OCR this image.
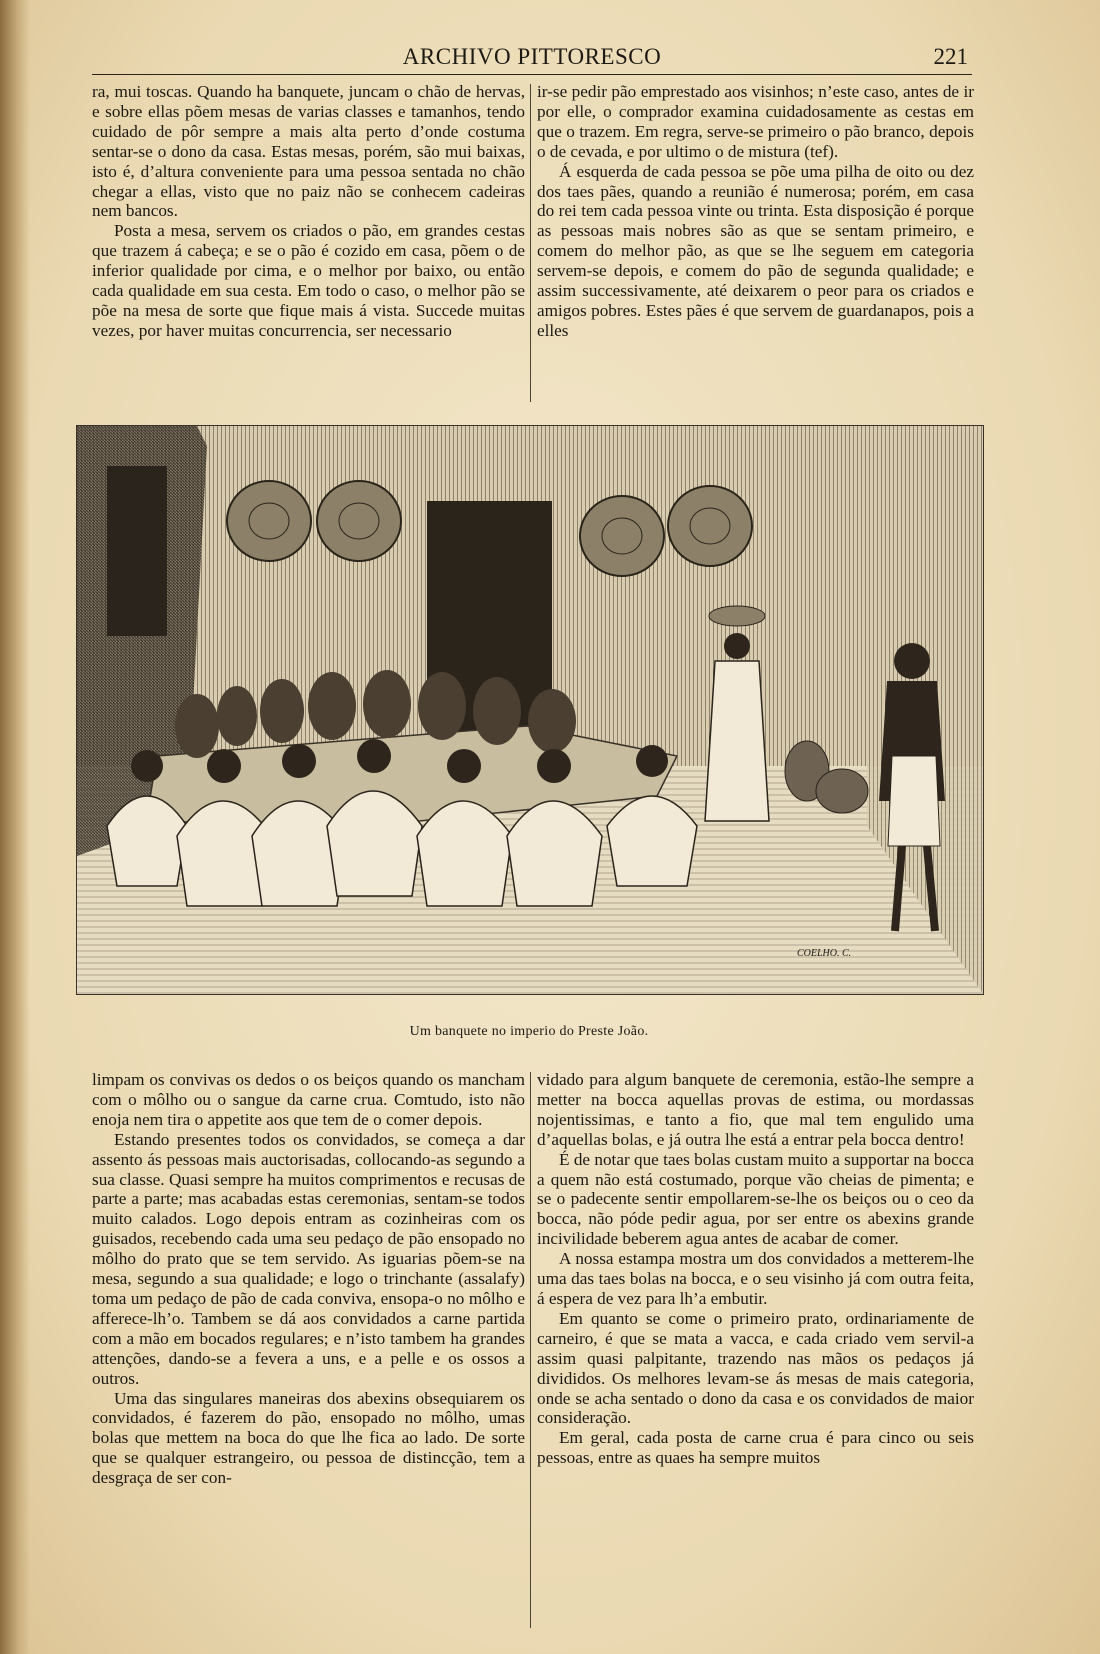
ARCHIVO PITTORESCO	221

ra, mui toscas. Quando ha banquete, juncam o chão de hervas, e sobre ellas põem mesas de varias classes e tamanhos, tendo cuidado de pôr sempre a mais alta perto d’onde costuma sentar-se o dono da casa. Estas mesas, porém, são mui baixas, isto é, d’altura conveniente para uma pessoa sentada no chão chegar a ellas, visto que no paiz não se conhecem cadeiras nem bancos.

Posta a mesa, servem os criados o pão, em grandes cestas que trazem á cabeça; e se o pão é cozido em casa, põem o de inferior qualidade por cima, e o melhor por baixo, ou então cada qualidade em sua cesta. Em todo o caso, o melhor pão se põe na mesa de sorte que fique mais á vista. Succede muitas vezes, por haver muitas concurrencia, ser necessario

ir-se pedir pão emprestado aos visinhos; n’este caso, antes de ir por elle, o comprador examina cuidadosamente as cestas em que o trazem. Em regra, serve-se primeiro o pão branco, depois o de cevada, e por ultimo o de mistura (tef).

Á esquerda de cada pessoa se põe uma pilha de oito ou dez dos taes pães, quando a reunião é numerosa; porém, em casa do rei tem cada pessoa vinte ou trinta. Esta disposição é porque as pessoas mais nobres são as que se sentam primeiro, e comem do melhor pão, as que se lhe seguem em categoria servem-se depois, e comem do pão de segunda qualidade; e assim successivamente, até deixarem o peor para os criados e amigos pobres. Estes pães é que servem de guardanapos, pois a elles

COELHO. C.
Um banquete no imperio do Preste João.

limpam os convivas os dedos o os beiços quando os mancham com o môlho ou o sangue da carne crua. Comtudo, isto não enoja nem tira o appetite aos que tem de o comer depois.

Estando presentes todos os convidados, se começa a dar assento ás pessoas mais auctorisadas, collocando-as segundo a sua classe. Quasi sempre ha muitos comprimentos e recusas de parte a parte; mas acabadas estas ceremonias, sentam-se todos muito calados. Logo depois entram as cozinheiras com os guisados, recebendo cada uma seu pedaço de pão ensopado no môlho do prato que se tem servido. As iguarias põem-se na mesa, segundo a sua qualidade; e logo o trinchante (assalafy) toma um pedaço de pão de cada conviva, ensopa-o no môlho e afferece-lh’o. Tambem se dá aos convidados a carne partida com a mão em bocados regulares; e n’isto tambem ha grandes attenções, dando-se a fevera a uns, e a pelle e os ossos a outros.

Uma das singulares maneiras dos abexins obsequiarem os convidados, é fazerem do pão, ensopado no môlho, umas bolas que mettem na boca do que lhe fica ao lado. De sorte que se qualquer estrangeiro, ou pessoa de distincção, tem a desgraça de ser con-

vidado para algum banquete de ceremonia, estão-lhe sempre a metter na bocca aquellas provas de estima, ou mordassas nojentissimas, e tanto a fio, que mal tem engulido uma d’aquellas bolas, e já outra lhe está a entrar pela bocca dentro!

É de notar que taes bolas custam muito a supportar na bocca a quem não está costumado, porque vão cheias de pimenta; e se o padecente sentir empollarem-se-lhe os beiços ou o ceo da bocca, não póde pedir agua, por ser entre os abexins grande incivilidade beberem agua antes de acabar de comer.

A nossa estampa mostra um dos convidados a metterem-lhe uma das taes bolas na bocca, e o seu visinho já com outra feita, á espera de vez para lh’a embutir.

Em quanto se come o primeiro prato, ordinariamente de carneiro, é que se mata a vacca, e cada criado vem servil-a assim quasi palpitante, trazendo nas mãos os pedaços já divididos. Os melhores levam-se ás mesas de mais categoria, onde se acha sentado o dono da casa e os convidados de maior consideração.

Em geral, cada posta de carne crua é para cinco ou seis pessoas, entre as quaes ha sempre muitos
